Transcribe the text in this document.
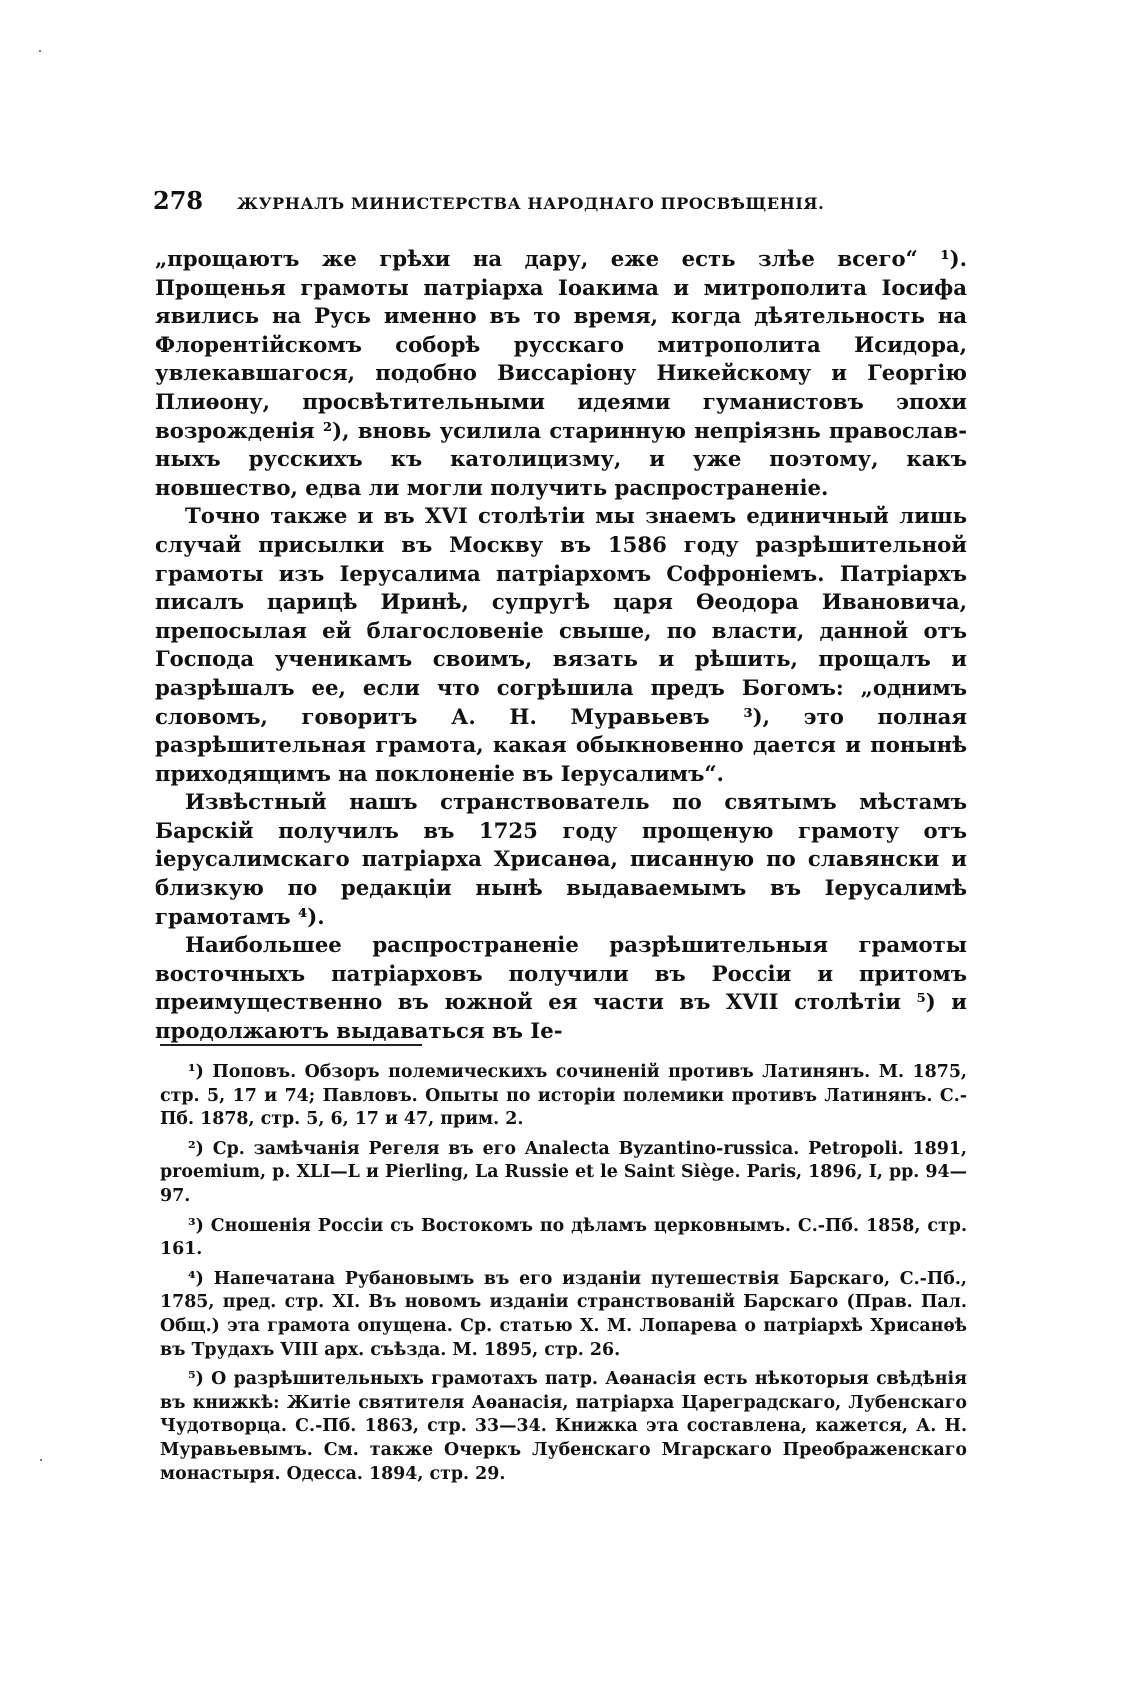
278	ЖУРНАЛЪ МИНИСТЕРСТВА НАРОДНАГО ПРОСВѢЩЕНІЯ.

„прощаютъ же грѣхи на дару, еже есть злѣе всего“ ¹). Прощенья грамоты патріарха Іоакима и митрополита Іосифа явились на Русь именно въ то время, когда дѣятельность на Флорентійскомъ соборѣ русскаго митрополита Исидора, увлекавшагося, подобно Виссаріону Никейскому и Георгію Плиѳону, просвѣтительными идеями гуманистовъ эпохи возрожденія ²), вновь усилила старинную непріязнь православныхъ русскихъ къ католицизму, и уже поэтому, какъ новшество, едва ли могли получить распространеніе.

Точно также и въ XVI столѣтіи мы знаемъ единичный лишь случай присылки въ Москву въ 1586 году разрѣшительной грамоты изъ Іерусалима патріархомъ Софроніемъ. Патріархъ писалъ царицѣ Иринѣ, супругѣ царя Ѳеодора Ивановича, препосылая ей благословеніе свыше, по власти, данной отъ Господа ученикамъ своимъ, вязать и рѣшить, прощалъ и разрѣшалъ ее, если что согрѣшила предъ Богомъ: „однимъ словомъ, говоритъ А. Н. Муравьевъ ³), это полная разрѣшительная грамота, какая обыкновенно дается и понынѣ приходящимъ на поклоненіе въ Іерусалимъ“.

Извѣстный нашъ странствователь по святымъ мѣстамъ Барскій получилъ въ 1725 году прощеную грамоту отъ іерусалимскаго патріарха Хрисанѳа, писанную по славянски и близкую по редакціи нынѣ выдаваемымъ въ Іерусалимѣ грамотамъ ⁴).

Наибольшее распространеніе разрѣшительныя грамоты восточныхъ патріарховъ получили въ Россіи и притомъ преимущественно въ южной ея части въ XVII столѣтіи ⁵) и продолжаютъ выдаваться въ Іе-

¹) Поповъ. Обзоръ полемическихъ сочиненій противъ Латинянъ. М. 1875, стр. 5, 17 и 74; Павловъ. Опыты по исторіи полемики противъ Латинянъ. С.-Пб. 1878, стр. 5, 6, 17 и 47, прим. 2.

²) Ср. замѣчанія Регеля въ его Analecta Byzantino-russica. Petropoli. 1891, proemium, p. XLI—L и Pierling, La Russie et le Saint Siège. Paris, 1896, I, pp. 94—97.

³) Сношенія Россіи съ Востокомъ по дѣламъ церковнымъ. С.-Пб. 1858, стр. 161.

⁴) Напечатана Рубановымъ въ его изданіи путешествія Барскаго, С.-Пб., 1785, пред. стр. XI. Въ новомъ изданіи странствованій Барскаго (Прав. Пал. Общ.) эта грамота опущена. Ср. статью Х. М. Лопарева о патріархѣ Хрисанѳѣ въ Трудахъ VIII арх. съѣзда. М. 1895, стр. 26.

⁵) О разрѣшительныхъ грамотахъ патр. Аѳанасія есть нѣкоторыя свѣдѣнія въ книжкѣ: Житіе святителя Аѳанасія, патріарха Цареградскаго, Лубенскаго Чудотворца. С.-Пб. 1863, стр. 33—34. Книжка эта составлена, кажется, А. Н. Муравьевымъ. См. также Очеркъ Лубенскаго Мгарскаго Преображенскаго монастыря. Одесса. 1894, стр. 29.
